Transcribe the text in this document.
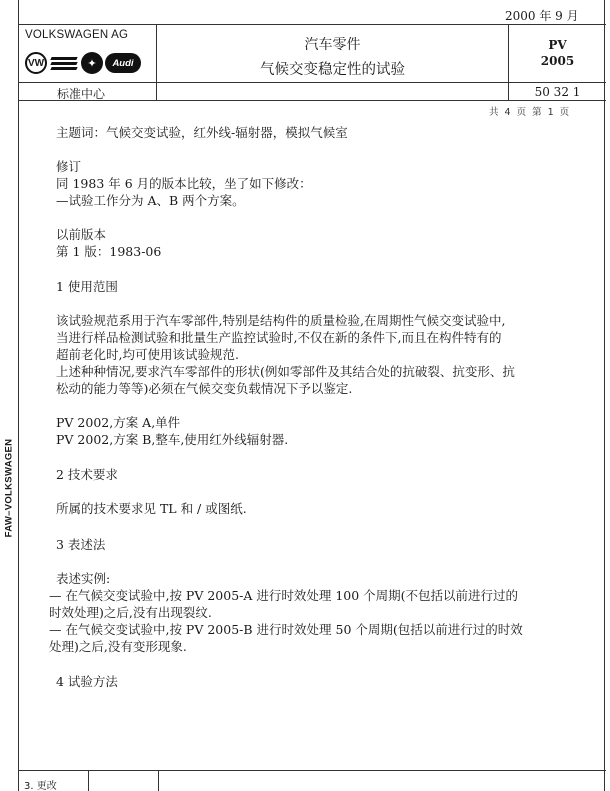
FAW–VOLKSWAGEN
2000 年 9 月
VOLKSWAGEN AG
VW	✦	Audi
汽车零件
气候交变稳定性的试验
PV
2005
标准中心	50 32 1
共 4 页 第 1 页
主题词：气候交变试验，红外线-辐射器，模拟气候室
修订
同 1983 年 6 月的版本比较，坐了如下修改：
—试验工作分为 A、B 两个方案。
以前版本
第 1 版：1983-06
1 使用范围
该试验规范系用于汽车零部件,特别是结构件的质量检验,在周期性气候交变试验中,
当进行样品检测试验和批量生产监控试验时,不仅在新的条件下,而且在构件特有的
超前老化时,均可使用该试验规范.
上述种种情况,要求汽车零部件的形状(例如零部件及其结合处的抗破裂、抗变形、抗
松动的能力等等)必须在气候交变负载情况下予以鉴定.
PV 2002,方案 A,单件
PV 2002,方案 B,整车,使用红外线辐射器.
2 技术要求
所属的技术要求见 TL 和 / 或图纸.
3 表述法
表述实例:
— 在气候交变试验中,按 PV 2005-A 进行时效处理 100 个周期(不包括以前进行过的
时效处理)之后,没有出现裂纹.
— 在气候交变试验中,按 PV 2005-B 进行时效处理 50 个周期(包括以前进行过的时效
处理)之后,没有变形现象.
4 试验方法
3. 更改
